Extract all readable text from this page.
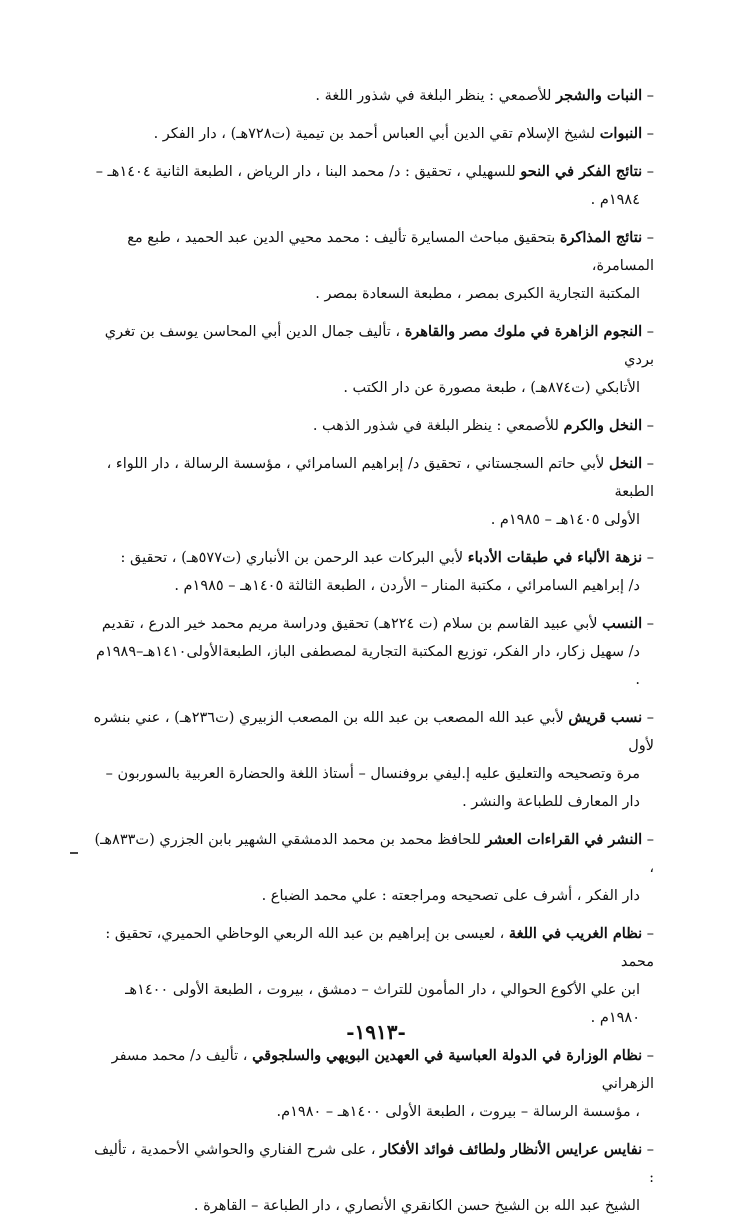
– النبات والشجر للأصمعي : ينظر البلغة في شذور اللغة .
– النبوات لشيخ الإسلام تقي الدين أبي العباس أحمد بن تيمية (ت٧٢٨هـ) ، دار الفكر .
– نتائج الفكر في النحو للسهيلي ، تحقيق : د/ محمد البنا ، دار الرياض ، الطبعة الثانية ١٤٠٤هـ –
١٩٨٤م .
– نتائج المذاكرة بتحقيق مباحث المسايرة تأليف : محمد محيي الدين عبد الحميد ، طبع مع المسامرة،
المكتبة التجارية الكبرى بمصر ، مطبعة السعادة بمصر .
– النجوم الزاهرة في ملوك مصر والقاهرة ، تأليف جمال الدين أبي المحاسن يوسف بن تغري بردي
الأتابكي (ت٨٧٤هـ) ، طبعة مصورة عن دار الكتب .
– النخل والكرم للأصمعي : ينظر البلغة في شذور الذهب .
– النخل لأبي حاتم السجستاني ، تحقيق د/ إبراهيم السامرائي ، مؤسسة الرسالة ، دار اللواء ، الطبعة
الأولى ١٤٠٥هـ – ١٩٨٥م .
– نزهة الألباء في طبقات الأدباء لأبي البركات عبد الرحمن بن الأنباري (ت٥٧٧هـ) ، تحقيق :
د/ إبراهيم السامرائي ، مكتبة المنار – الأردن ، الطبعة الثالثة ١٤٠٥هـ – ١٩٨٥م .
– النسب لأبي عبيد القاسم بن سلام (ت ٢٢٤هـ) تحقيق ودراسة مريم محمد خير الدرع ، تقديم
د/ سهيل زكار، دار الفكر، توزيع المكتبة التجارية لمصطفى الباز، الطبعةالأولى١٤١٠هـ–١٩٨٩م .
– نسب قريش لأبي عبد الله المصعب بن عبد الله بن المصعب الزبيري (ت٢٣٦هـ) ، عني بنشره لأول
مرة وتصحيحه والتعليق عليه إ.ليفي بروفنسال – أستاذ اللغة والحضارة العربية بالسوربون – دار المعارف للطباعة والنشر .
– النشر في القراءات العشر للحافظ محمد بن محمد الدمشقي الشهير بابن الجزري (ت٨٣٣هـ) ،
دار الفكر ، أشرف على تصحيحه ومراجعته : علي محمد الضباع .
– نظام الغريب في اللغة ، لعيسى بن إبراهيم بن عبد الله الربعي الوحاظي الحميري، تحقيق : محمد
ابن علي الأكوع الحوالي ، دار المأمون للتراث – دمشق ، بيروت ، الطبعة الأولى ١٤٠٠هـ ١٩٨٠م .
– نظام الوزارة في الدولة العباسية في العهدين البويهي والسلجوقي ، تأليف د/ محمد مسفر الزهراني
، مؤسسة الرسالة – بيروت ، الطبعة الأولى ١٤٠٠هـ – ١٩٨٠م.
– نفايس عرايس الأنظار ولطائف فوائد الأفكار ، على شرح الفناري والحواشي الأحمدية ، تأليف :
الشيخ عبد الله بن الشيخ حسن الكانقري الأنصاري ، دار الطباعة – القاهرة .
-١٩١٣-
